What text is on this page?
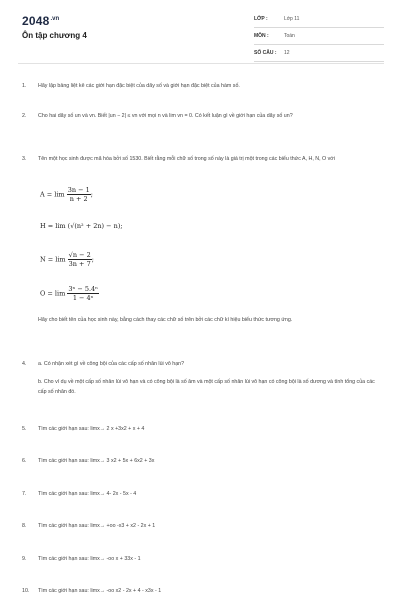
$2048^{.vn}$
Ôn tập chương 4
LỚP :	Lớp 11
MÔN :	Toán
SỐ CÂU : 12
1.	Hãy lập bảng liệt kê các giới hạn đặc biệt của dãy số và giới hạn đặc biệt của hàm số.

2.	Cho hai dãy số un và vn. Biết |un − 2| ≤ vn với mọi n và lim vn = 0. Có kết luận gì về giới hạn của dãy số un?

3.	Tên một học sinh được mã hóa bởi số 1530. Biết rằng mỗi chữ số trong số này là giá trị một trong các biểu thức A, H, N, O với

$A = \lim \frac{3n - 1}{n + 2}$ ;
H = lim (√(n² + 2n) − n);
$N = \lim \frac{√n - 2}{3n + 7}$ ;
$O = \lim \frac{\text{3ⁿ − 5.4ⁿ}}{\text{1 − 4ⁿ}}$

Hãy cho biết tên của học sinh này, bằng cách thay các chữ số trên bởi các chữ kí hiệu biểu thức tương ứng.

4.	a. Có nhận xét gì về công bội của các cấp số nhân lùi vô hạn?

b. Cho ví dụ về một cấp số nhân lùi vô hạn và có công bội là số âm và một cấp số nhân lùi vô hạn có công bội là số dương và tính tổng của các cấp số nhân đó.

5.	Tìm các giới hạn sau: limx→ 2 x +3x2 + x + 4

6.	Tìm các giới hạn sau: limx→ 3 x2 + 5x + 6x2 + 3x

7.	Tìm các giới hạn sau: limx→ 4- 2x - 5x - 4

8.	Tìm các giới hạn sau: limx→ +oo -x3 + x2 - 2x + 1

9.	Tìm các giới hạn sau: limx→ -oo x + 33x - 1

10.	Tìm các giới hạn sau: limx→ -oo x2 - 2x + 4 - x3x - 1
